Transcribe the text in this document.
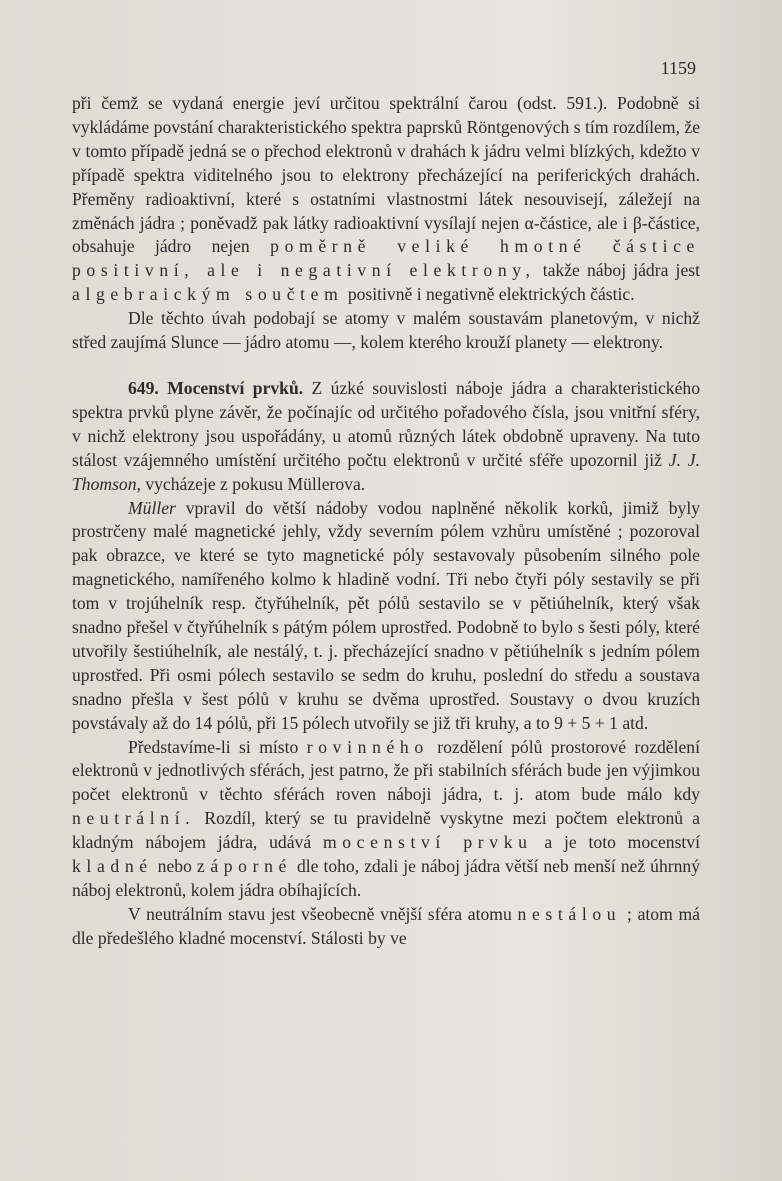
1159

při čemž se vydaná energie jeví určitou spektrální čarou (odst. 591.). Podobně si vykládáme povstání charakteristického spektra paprsků Röntgenových s tím rozdílem, že v tomto případě jedná se o přechod elektronů v drahách k jádru velmi blízkých, kdežto v případě spektra viditelného jsou to elektrony přecházející na periferických drahách. Přeměny radioaktivní, které s ostatními vlastnostmi látek nesouvisejí, záležejí na změnách jádra ; poněvadž pak látky radioaktivní vysílají nejen α-částice, ale i β-částice, obsahuje jádro nejen poměrně veliké hmotné částice positivní, ale i negativní elektrony, takže náboj jádra jest algebraickým součtem positivně i negativně elektrických částic.

Dle těchto úvah podobají se atomy v malém soustavám planetovým, v nichž střed zaujímá Slunce — jádro atomu —, kolem kterého krouží planety — elektrony.

649. Mocenství prvků. Z úzké souvislosti náboje jádra a charakteristického spektra prvků plyne závěr, že počínajíc od určitého pořadového čísla, jsou vnitřní sféry, v nichž elektrony jsou uspořádány, u atomů různých látek obdobně upraveny. Na tuto stálost vzájemného umístění určitého počtu elektronů v určité sféře upozornil již J. J. Thomson, vycházeje z pokusu Müllerova.

Müller vpravil do větší nádoby vodou naplněné několik korků, jimiž byly prostrčeny malé magnetické jehly, vždy severním pólem vzhůru umístěné ; pozoroval pak obrazce, ve které se tyto magnetické póly sestavovaly působením silného pole magnetického, namířeného kolmo k hladině vodní. Tři nebo čtyři póly sestavily se při tom v trojúhelník resp. čtyřúhelník, pět pólů sestavilo se v pětiúhelník, který však snadno přešel v čtyřúhelník s pátým pólem uprostřed. Podobně to bylo s šesti póly, které utvořily šestiúhelník, ale nestálý, t. j. přecházející snadno v pětiúhelník s jedním pólem uprostřed. Při osmi pólech sestavilo se sedm do kruhu, poslední do středu a soustava snadno přešla v šest pólů v kruhu se dvěma uprostřed. Soustavy o dvou kruzích povstávaly až do 14 pólů, při 15 pólech utvořily se již tři kruhy, a to 9 + 5 + 1 atd.

Představíme-li si místo rovinného rozdělení pólů prostorové rozdělení elektronů v jednotlivých sférách, jest patrno, že při stabilních sférách bude jen výjimkou počet elektronů v těchto sférách roven náboji jádra, t. j. atom bude málo kdy neutrální. Rozdíl, který se tu pravidelně vyskytne mezi počtem elektronů a kladným nábojem jádra, udává mocenství prvku a je toto mocenství kladné nebo záporné dle toho, zdali je náboj jádra větší neb menší než úhrnný náboj elektronů, kolem jádra obíhajících.

V neutrálním stavu jest všeobecně vnější sféra atomu nestálou ; atom má dle předešlého kladné mocenství. Stálosti by ve
